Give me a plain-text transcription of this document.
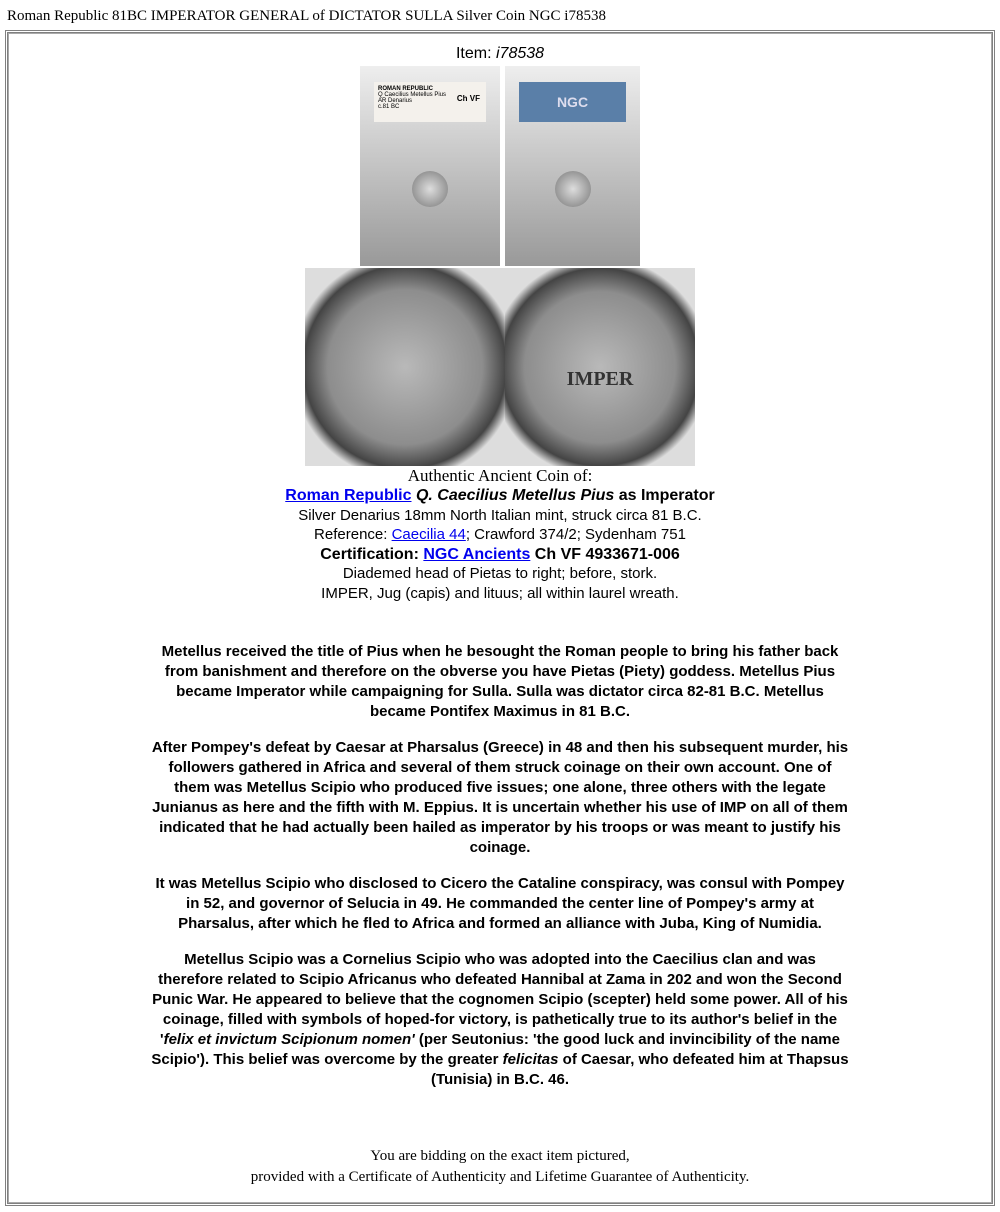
Roman Republic 81BC IMPERATOR GENERAL of DICTATOR SULLA Silver Coin NGC i78538
Item: i78538
ROMAN REPUBLIC
Q Caecilius Metellus Pius
AR Denarius
c.81 BC
Ch VF	NGC
IMPER
Authentic Ancient Coin of:
Roman Republic Q. Caecilius Metellus Pius as Imperator
Silver Denarius 18mm North Italian mint, struck circa 81 B.C.
Reference: Caecilia 44; Crawford 374/2; Sydenham 751
Certification: NGC Ancients Ch VF 4933671-006
Diademed head of Pietas to right; before, stork.
IMPER, Jug (capis) and lituus; all within laurel wreath.

Metellus received the title of Pius when he besought the Roman people to bring his father back from banishment and therefore on the obverse you have Pietas (Piety) goddess. Metellus Pius became Imperator while campaigning for Sulla. Sulla was dictator circa 82-81 B.C. Metellus became Pontifex Maximus in 81 B.C.

After Pompey's defeat by Caesar at Pharsalus (Greece) in 48 and then his subsequent murder, his followers gathered in Africa and several of them struck coinage on their own account. One of them was Metellus Scipio who produced five issues; one alone, three others with the legate Junianus as here and the fifth with M. Eppius. It is uncertain whether his use of IMP on all of them indicated that he had actually been hailed as imperator by his troops or was meant to justify his coinage.

It was Metellus Scipio who disclosed to Cicero the Cataline conspiracy, was consul with Pompey in 52, and governor of Selucia in 49. He commanded the center line of Pompey's army at Pharsalus, after which he fled to Africa and formed an alliance with Juba, King of Numidia.

Metellus Scipio was a Cornelius Scipio who was adopted into the Caecilius clan and was therefore related to Scipio Africanus who defeated Hannibal at Zama in 202 and won the Second Punic War. He appeared to believe that the cognomen Scipio (scepter) held some power. All of his coinage, filled with symbols of hoped-for victory, is pathetically true to its author's belief in the 'felix et invictum Scipionum nomen' (per Seutonius: 'the good luck and invincibility of the name Scipio'). This belief was overcome by the greater felicitas of Caesar, who defeated him at Thapsus (Tunisia) in B.C. 46.

You are bidding on the exact item pictured,
provided with a Certificate of Authenticity and Lifetime Guarantee of Authenticity.
